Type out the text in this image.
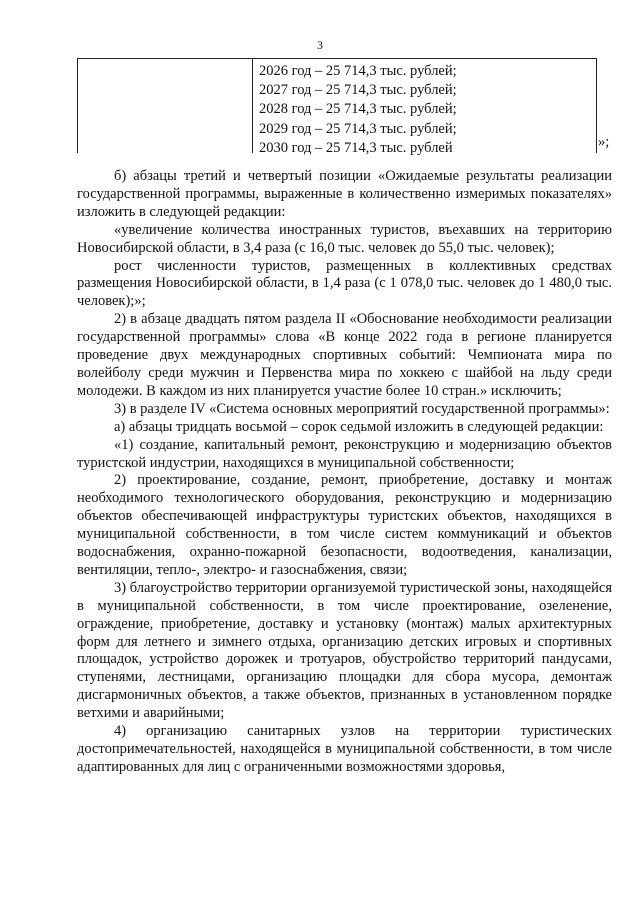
3
2026 год – 25 714,3 тыс. рублей;
2027 год – 25 714,3 тыс. рублей;
2028 год – 25 714,3 тыс. рублей;
2029 год – 25 714,3 тыс. рублей;
2030 год – 25 714,3 тыс. рублей	»;

б) абзацы третий и четвертый позиции «Ожидаемые результаты реализации государственной программы, выраженные в количественно измеримых показателях» изложить в следующей редакции:

«увеличение количества иностранных туристов, въехавших на территорию Новосибирской области, в 3,4 раза (с 16,0 тыс. человек до 55,0 тыс. человек);

рост численности туристов, размещенных в коллективных средствах размещения Новосибирской области, в 1,4 раза (с 1 078,0 тыс. человек до 1 480,0 тыс. человек);»;

2) в абзаце двадцать пятом раздела II «Обоснование необходимости реализации государственной программы» слова «В конце 2022 года в регионе планируется проведение двух международных спортивных событий: Чемпионата мира по волейболу среди мужчин и Первенства мира по хоккею с шайбой на льду среди молодежи. В каждом из них планируется участие более 10 стран.» исключить;

3) в разделе IV «Система основных мероприятий государственной программы»:

а) абзацы тридцать восьмой – сорок седьмой изложить в следующей редакции:

«1) создание, капитальный ремонт, реконструкцию и модернизацию объектов туристской индустрии, находящихся в муниципальной собственности;

2) проектирование, создание, ремонт, приобретение, доставку и монтаж необходимого технологического оборудования, реконструкцию и модернизацию объектов обеспечивающей инфраструктуры туристских объектов, находящихся в муниципальной собственности, в том числе систем коммуникаций и объектов водоснабжения, охранно-пожарной безопасности, водоотведения, канализации, вентиляции, тепло-, электро- и газоснабжения, связи;

3) благоустройство территории организуемой туристической зоны, находящейся в муниципальной собственности, в том числе проектирование, озеленение, ограждение, приобретение, доставку и установку (монтаж) малых архитектурных форм для летнего и зимнего отдыха, организацию детских игровых и спортивных площадок, устройство дорожек и тротуаров, обустройство территорий пандусами, ступенями, лестницами, организацию площадки для сбора мусора, демонтаж дисгармоничных объектов, а также объектов, признанных в установленном порядке ветхими и аварийными;

4) организацию санитарных узлов на территории туристических достопримечательностей, находящейся в муниципальной собственности, в том числе адаптированных для лиц с ограниченными возможностями здоровья,
